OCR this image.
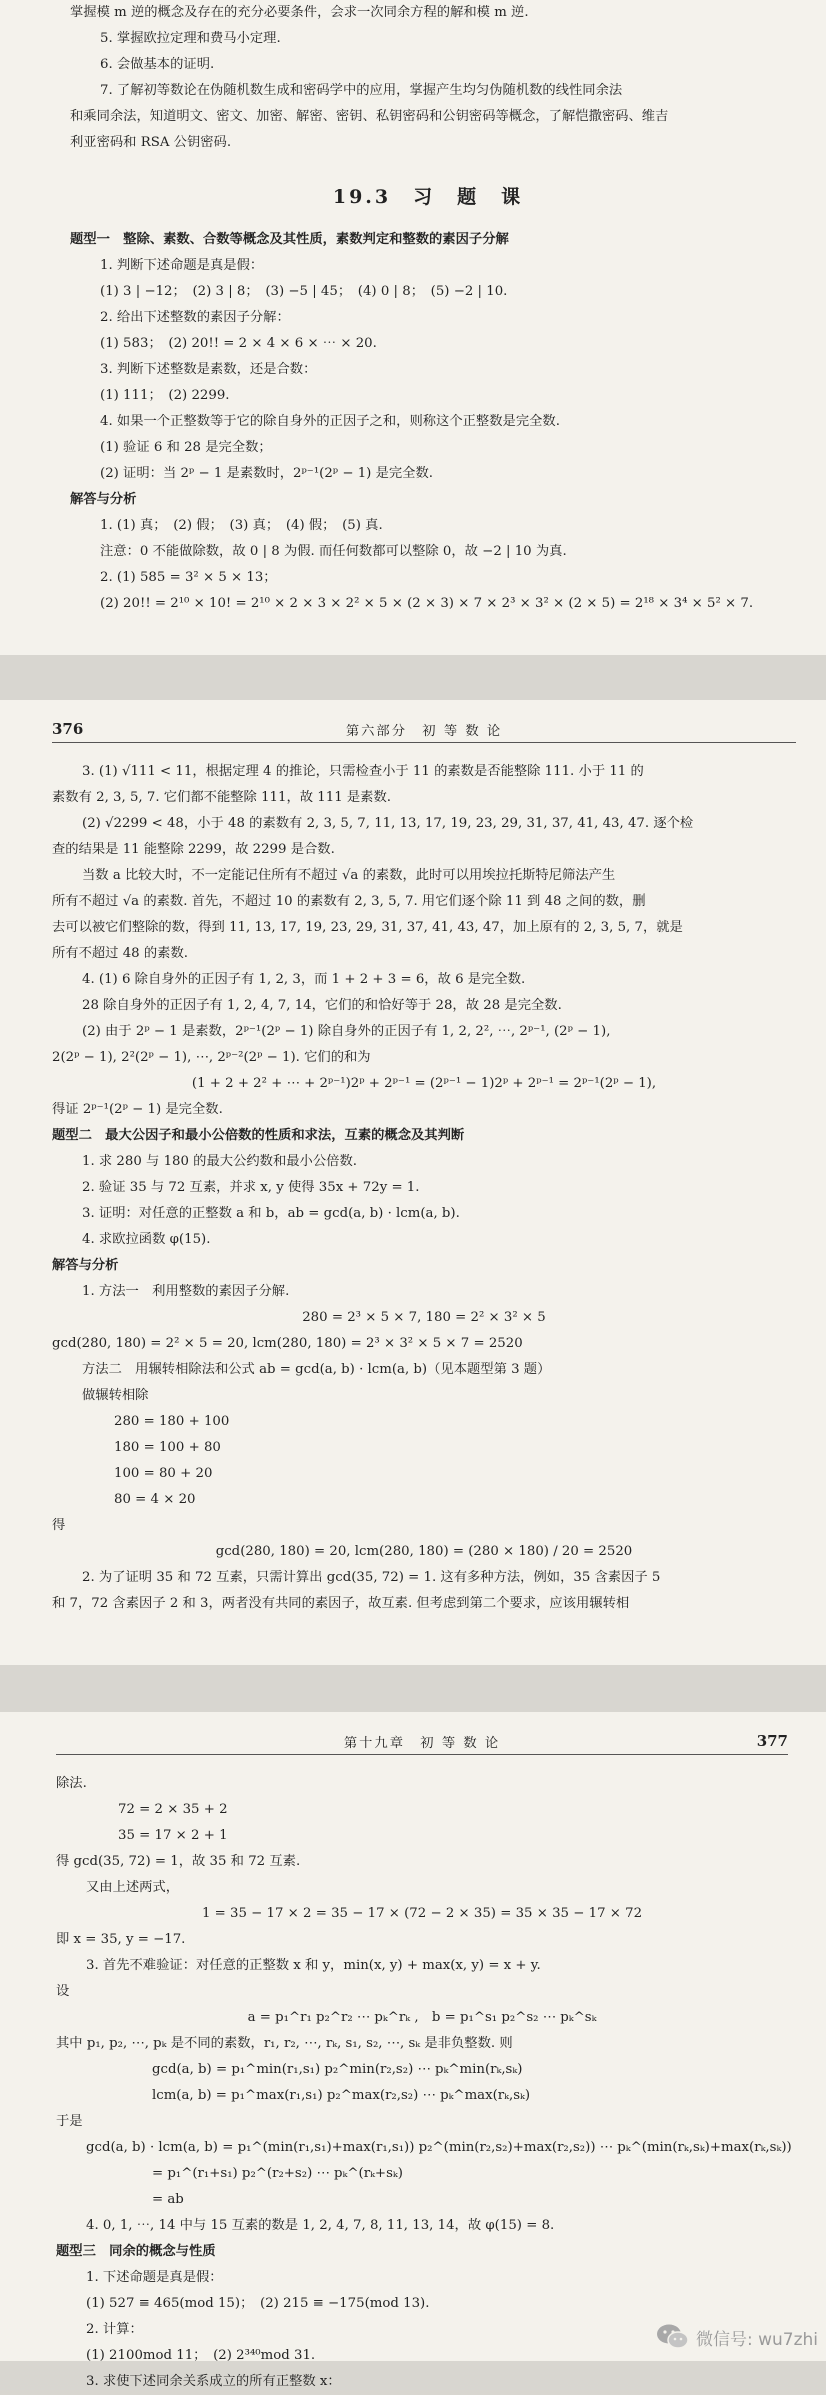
掌握模 m 逆的概念及存在的充分必要条件，会求一次同余方程的解和模 m 逆.
5. 掌握欧拉定理和费马小定理.
6. 会做基本的证明.
7. 了解初等数论在伪随机数生成和密码学中的应用，掌握产生均匀伪随机数的线性同余法
和乘同余法，知道明文、密文、加密、解密、密钥、私钥密码和公钥密码等概念，了解恺撒密码、维吉
利亚密码和 RSA 公钥密码.
19.3　习　题　课
题型一　整除、素数、合数等概念及其性质，素数判定和整数的素因子分解
1. 判断下述命题是真是假：
(1) 3 | −12；　(2) 3 | 8；　(3) −5 | 45；　(4) 0 | 8；　(5) −2 | 10.
2. 给出下述整数的素因子分解：
(1) 583；　(2) 20!! = 2 × 4 × 6 × ⋯ × 20.
3. 判断下述整数是素数，还是合数：
(1) 111；　(2) 2299.
4. 如果一个正整数等于它的除自身外的正因子之和，则称这个正整数是完全数.
(1) 验证 6 和 28 是完全数；
(2) 证明：当 2ᵖ − 1 是素数时，2ᵖ⁻¹(2ᵖ − 1) 是完全数.
解答与分析
1. (1) 真；　(2) 假；　(3) 真；　(4) 假；　(5) 真.
注意：0 不能做除数，故 0 | 8 为假. 而任何数都可以整除 0，故 −2 | 10 为真.
2. (1) 585 = 3² × 5 × 13；
(2) 20!! = 2¹⁰ × 10! = 2¹⁰ × 2 × 3 × 2² × 5 × (2 × 3) × 7 × 2³ × 3² × (2 × 5) = 2¹⁸ × 3⁴ × 5² × 7.
376	第六部分　初 等 数 论
3. (1) √111 < 11，根据定理 4 的推论，只需检查小于 11 的素数是否能整除 111. 小于 11 的
素数有 2, 3, 5, 7. 它们都不能整除 111，故 111 是素数.
(2) √2299 < 48，小于 48 的素数有 2, 3, 5, 7, 11, 13, 17, 19, 23, 29, 31, 37, 41, 43, 47. 逐个检
查的结果是 11 能整除 2299，故 2299 是合数.
当数 a 比较大时，不一定能记住所有不超过 √a 的素数，此时可以用埃拉托斯特尼筛法产生
所有不超过 √a 的素数. 首先，不超过 10 的素数有 2, 3, 5, 7. 用它们逐个除 11 到 48 之间的数，删
去可以被它们整除的数，得到 11, 13, 17, 19, 23, 29, 31, 37, 41, 43, 47，加上原有的 2, 3, 5, 7，就是
所有不超过 48 的素数.
4. (1) 6 除自身外的正因子有 1, 2, 3，而 1 + 2 + 3 = 6，故 6 是完全数.
28 除自身外的正因子有 1, 2, 4, 7, 14，它们的和恰好等于 28，故 28 是完全数.
(2) 由于 2ᵖ − 1 是素数，2ᵖ⁻¹(2ᵖ − 1) 除自身外的正因子有 1, 2, 2², ⋯, 2ᵖ⁻¹, (2ᵖ − 1),
2(2ᵖ − 1), 2²(2ᵖ − 1), ⋯, 2ᵖ⁻²(2ᵖ − 1). 它们的和为
(1 + 2 + 2² + ⋯ + 2ᵖ⁻¹)2ᵖ + 2ᵖ⁻¹ = (2ᵖ⁻¹ − 1)2ᵖ + 2ᵖ⁻¹ = 2ᵖ⁻¹(2ᵖ − 1),
得证 2ᵖ⁻¹(2ᵖ − 1) 是完全数.
题型二　最大公因子和最小公倍数的性质和求法，互素的概念及其判断
1. 求 280 与 180 的最大公约数和最小公倍数.
2. 验证 35 与 72 互素，并求 x, y 使得 35x + 72y = 1.
3. 证明：对任意的正整数 a 和 b，ab = gcd(a, b) · lcm(a, b).
4. 求欧拉函数 φ(15).
解答与分析
1. 方法一　利用整数的素因子分解.
280 = 2³ × 5 × 7, 180 = 2² × 3² × 5
gcd(280, 180) = 2² × 5 = 20, lcm(280, 180) = 2³ × 3² × 5 × 7 = 2520
方法二　用辗转相除法和公式 ab = gcd(a, b) · lcm(a, b)（见本题型第 3 题）
做辗转相除
280 = 180 + 100
180 = 100 + 80
100 = 80 + 20
80 = 4 × 20
得
gcd(280, 180) = 20, lcm(280, 180) = (280 × 180) / 20 = 2520
2. 为了证明 35 和 72 互素，只需计算出 gcd(35, 72) = 1. 这有多种方法，例如，35 含素因子 5
和 7，72 含素因子 2 和 3，两者没有共同的素因子，故互素. 但考虑到第二个要求，应该用辗转相
第十九章　初 等 数 论	377
除法.
72 = 2 × 35 + 2
35 = 17 × 2 + 1
得 gcd(35, 72) = 1，故 35 和 72 互素.
又由上述两式，
1 = 35 − 17 × 2 = 35 − 17 × (72 − 2 × 35) = 35 × 35 − 17 × 72
即 x = 35, y = −17.
3. 首先不难验证：对任意的正整数 x 和 y，min(x, y) + max(x, y) = x + y.
设
a = p₁^r₁ p₂^r₂ ⋯ pₖ^rₖ ,　b = p₁^s₁ p₂^s₂ ⋯ pₖ^sₖ
其中 p₁, p₂, ⋯, pₖ 是不同的素数，r₁, r₂, ⋯, rₖ, s₁, s₂, ⋯, sₖ 是非负整数. 则
gcd(a, b) = p₁^min(r₁,s₁) p₂^min(r₂,s₂) ⋯ pₖ^min(rₖ,sₖ)
lcm(a, b) = p₁^max(r₁,s₁) p₂^max(r₂,s₂) ⋯ pₖ^max(rₖ,sₖ)
于是
gcd(a, b) · lcm(a, b) = p₁^(min(r₁,s₁)+max(r₁,s₁)) p₂^(min(r₂,s₂)+max(r₂,s₂)) ⋯ pₖ^(min(rₖ,sₖ)+max(rₖ,sₖ))
= p₁^(r₁+s₁) p₂^(r₂+s₂) ⋯ pₖ^(rₖ+sₖ)
= ab
4. 0, 1, ⋯, 14 中与 15 互素的数是 1, 2, 4, 7, 8, 11, 13, 14，故 φ(15) = 8.
题型三　同余的概念与性质
1. 下述命题是真是假：
(1) 527 ≡ 465(mod 15)；　(2) 215 ≡ −175(mod 13).
2. 计算：
(1) 2100mod 11；　(2) 2³⁴⁰mod 31.
3. 求使下述同余关系成立的所有正整数 x：
微信号: wu7zhi
